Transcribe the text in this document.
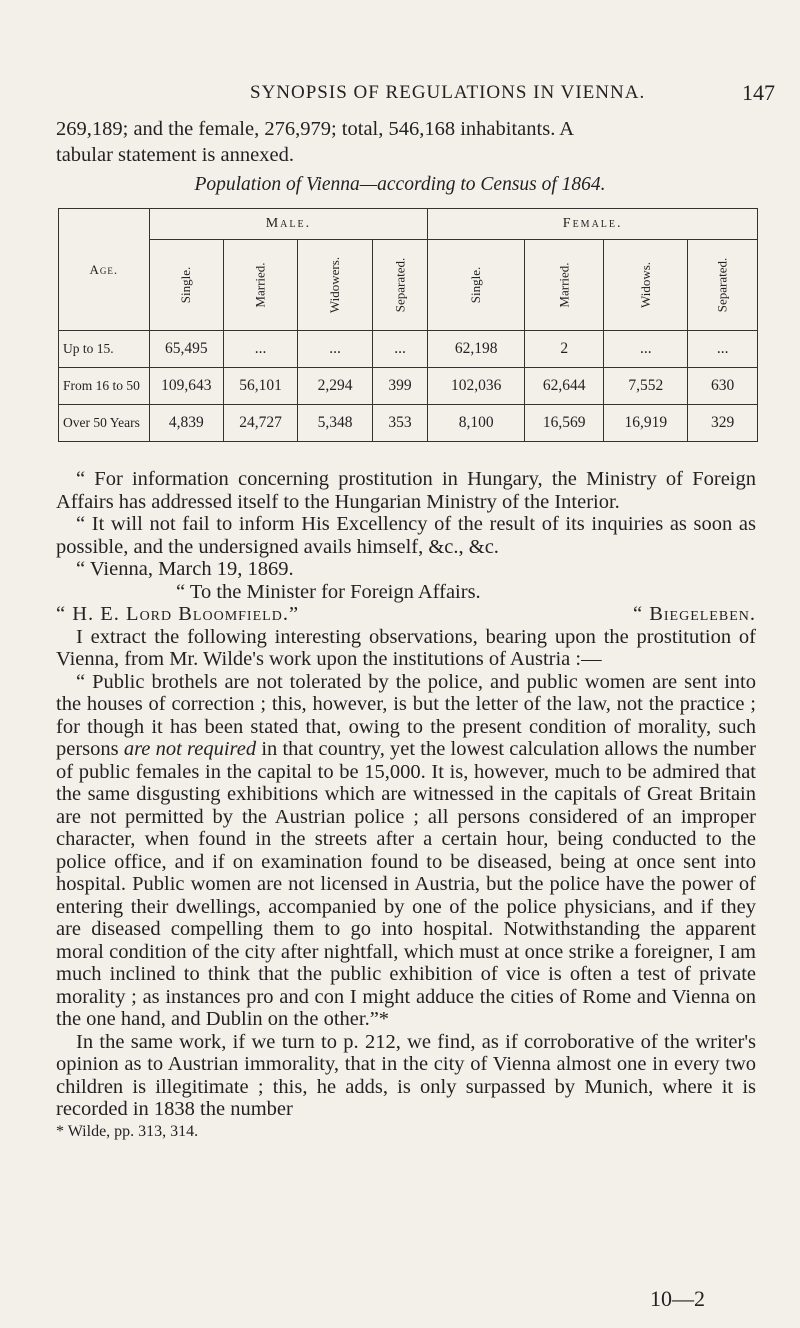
SYNOPSIS OF REGULATIONS IN VIENNA.	147
269,189; and the female, 276,979; total, 546,168 inhabitants. A
tabular statement is annexed.
Population of Vienna—according to Census of 1864.
Age.	Male.				Female.			
	Single.	Married.	Widowers.	Separated.	Single.	Married.	Widows.	Separated.
Up to 15.	65,495	...	...	...	62,198	2	...	...
From 16 to 50	109,643	56,101	2,294	399	102,036	62,644	7,552	630
Over 50 Years	4,839	24,727	5,348	353	8,100	16,569	16,919	329

“ For information concerning prostitution in Hungary, the Ministry of Foreign Affairs has addressed itself to the Hungarian Ministry of the Interior.

“ It will not fail to inform His Excellency of the result of its inquiries as soon as possible, and the undersigned avails himself, &c., &c.

“ Vienna, March 19, 1869.

“ To the Minister for Foreign Affairs.

“ H. E. Lord Bloomfield.”	“ Biegeleben.

I extract the following interesting observations, bearing upon the prostitution of Vienna, from Mr. Wilde's work upon the institutions of Austria :—

“ Public brothels are not tolerated by the police, and public women are sent into the houses of correction ; this, however, is but the letter of the law, not the practice ; for though it has been stated that, owing to the present condition of morality, such persons are not required in that country, yet the lowest calculation allows the number of public females in the capital to be 15,000. It is, however, much to be admired that the same disgusting exhibitions which are witnessed in the capitals of Great Britain are not permitted by the Austrian police ; all persons considered of an improper character, when found in the streets after a certain hour, being conducted to the police office, and if on examination found to be diseased, being at once sent into hospital. Public women are not licensed in Austria, but the police have the power of entering their dwellings, accompanied by one of the police physicians, and if they are diseased compelling them to go into hospital. Notwithstanding the apparent moral condition of the city after nightfall, which must at once strike a foreigner, I am much inclined to think that the public exhibition of vice is often a test of private morality ; as instances pro and con I might adduce the cities of Rome and Vienna on the one hand, and Dublin on the other.”*

In the same work, if we turn to p. 212, we find, as if corroborative of the writer's opinion as to Austrian immorality, that in the city of Vienna almost one in every two children is illegitimate ; this, he adds, is only surpassed by Munich, where it is recorded in 1838 the number

* Wilde, pp. 313, 314.

10—2
